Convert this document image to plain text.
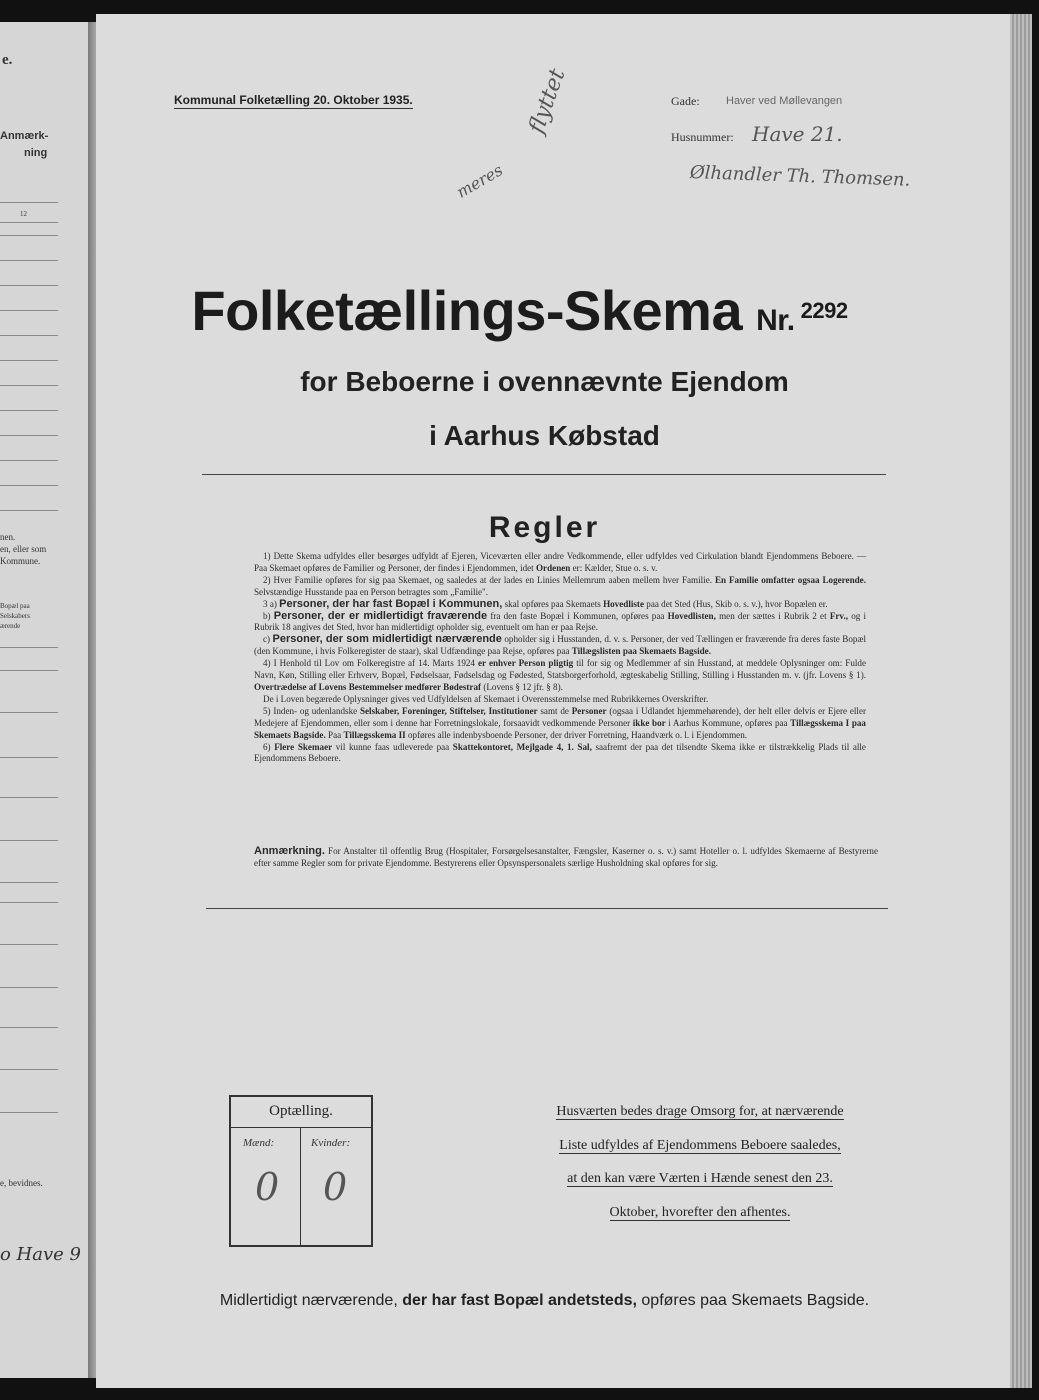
e.
Anmærk-
ning
12
nen.
en, eller som
Kommune.
Bopæl paa
Selskabers
ærende
e, bevidnes.
o Have 9
Kommunal Folketælling 20. Oktober 1935.	Gade: Haver ved Møllevangen
Husnummer: Have 21.
Ølhandler Th. Thomsen.
flyttet
meres
Folketællings-Skema Nr. $^{2292}$
for Beboerne i ovennævnte Ejendom
i Aarhus Købstad
Regler

1) Dette Skema udfyldes eller besørges udfyldt af Ejeren, Viceværten eller andre Vedkommende, eller udfyldes ved Cirkulation blandt Ejendommens Beboere. — Paa Skemaet opføres de Familier og Personer, der findes i Ejendommen, idet Ordenen er: Kælder, Stue o. s. v.

2) Hver Familie opføres for sig paa Skemaet, og saaledes at der lades en Linies Mellemrum aaben mellem hver Familie. En Familie omfatter ogsaa Logerende. Selvstændige Husstande paa en Person betragtes som „Familie".

3 a) Personer, der har fast Bopæl i Kommunen, skal opføres paa Skemaets Hovedliste paa det Sted (Hus, Skib o. s. v.), hvor Bopælen er.

b) Personer, der er midlertidigt fraværende fra den faste Bopæl i Kommunen, opføres paa Hovedlisten, men der sættes i Rubrik 2 et Frv., og i Rubrik 18 angives det Sted, hvor han midlertidigt opholder sig, eventuelt om han er paa Rejse.

c) Personer, der som midlertidigt nærværende opholder sig i Husstanden, d. v. s. Personer, der ved Tællingen er fraværende fra deres faste Bopæl (den Kommune, i hvis Folkeregister de staar), skal Udfændinge paa Rejse, opføres paa Tillægslisten paa Skemaets Bagside.

4) I Henhold til Lov om Folkeregistre af 14. Marts 1924 er enhver Person pligtig til for sig og Medlemmer af sin Husstand, at meddele Oplysninger om: Fulde Navn, Køn, Stilling eller Erhverv, Bopæl, Fødselsaar, Fødselsdag og Fødested, Statsborgerforhold, ægteskabelig Stilling, Stilling i Husstanden m. v. (jfr. Lovens § 1). Overtrædelse af Lovens Bestemmelser medfører Bødestraf (Lovens § 12 jfr. § 8).

De i Loven begærede Oplysninger gives ved Udfyldelsen af Skemaet i Overensstemmelse med Rubrikkernes Overskrifter.

5) Inden- og udenlandske Selskaber, Foreninger, Stiftelser, Institutioner samt de Personer (ogsaa i Udlandet hjemmehørende), der helt eller delvis er Ejere eller Medejere af Ejendommen, eller som i denne har Forretningslokale, forsaavidt vedkommende Personer ikke bor i Aarhus Kommune, opføres paa Tillægsskema I paa Skemaets Bagside. Paa Tillægsskema II opføres alle indenbysboende Personer, der driver Forretning, Haandværk o. l. i Ejendommen.

6) Flere Skemaer vil kunne faas udleverede paa Skattekontoret, Mejlgade 4, 1. Sal, saafremt der paa det tilsendte Skema ikke er tilstrækkelig Plads til alle Ejendommens Beboere.

Anmærkning. For Anstalter til offentlig Brug (Hospitaler, Forsørgelsesanstalter, Fængsler, Kaserner o. s. v.) samt Hoteller o. l. udfyldes Skemaerne af Bestyrerne efter samme Regler som for private Ejendomme. Bestyrerens eller Opsynspersonalets særlige Husholdning skal opføres for sig.
Optælling.
Mænd:	Kvinder:
0 0
Husværten bedes drage Omsorg for, at nærværende
Liste udfyldes af Ejendommens Beboere saaledes,
at den kan være Værten i Hænde senest den 23.
Oktober, hvorefter den afhentes.
Midlertidigt nærværende, der har fast Bopæl andetsteds, opføres paa Skemaets Bagside.
